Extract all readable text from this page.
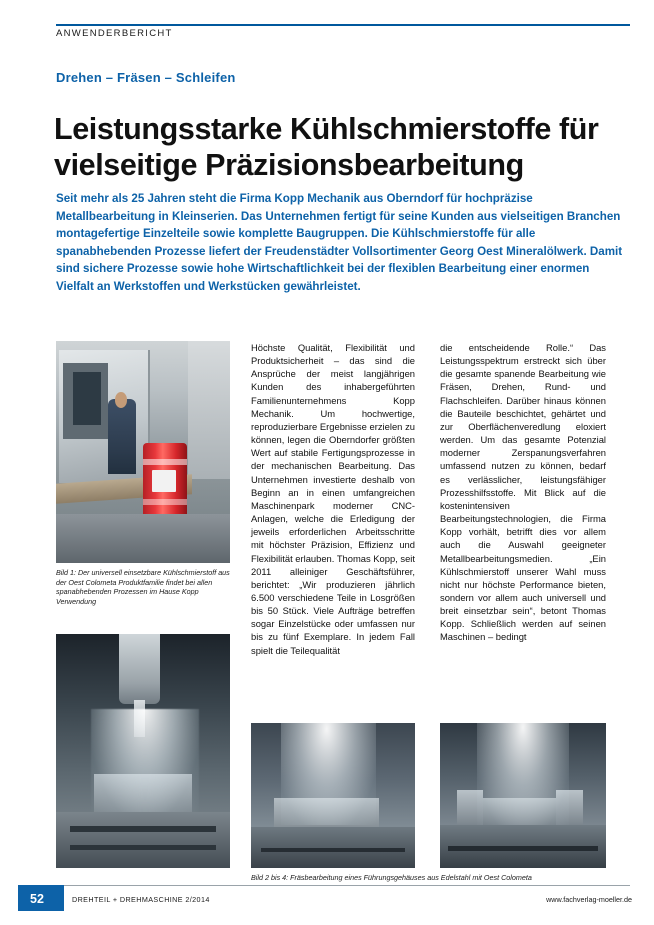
ANWENDERBERICHT
Drehen – Fräsen – Schleifen
Leistungsstarke Kühlschmierstoffe für vielseitige Präzisionsbearbeitung
Seit mehr als 25 Jahren steht die Firma Kopp Mechanik aus Oberndorf für hochpräzise Metallbearbeitung in Kleinserien. Das Unternehmen fertigt für seine Kunden aus vielseitigen Branchen montagefertige Einzelteile sowie komplette Baugruppen. Die Kühlschmierstoffe für alle spanabhebenden Prozesse liefert der Freudenstädter Vollsortimenter Georg Oest Mineralölwerk. Damit sind sichere Prozesse sowie hohe Wirtschaftlichkeit bei der flexiblen Bearbeitung einer enormen Vielfalt an Werkstoffen und Werkstücken gewährleistet.
Bild 1: Der universell einsetzbare Kühlschmierstoff aus der Oest Colometa Produktfamilie findet bei allen spanabhebenden Prozessen im Hause Kopp Verwendung
Höchste Qualität, Flexibilität und Produktsicherheit – das sind die Ansprüche der meist langjährigen Kunden des inhabergeführten Familienunternehmens Kopp Mechanik. Um hochwertige, reproduzierbare Ergebnisse erzielen zu können, legen die Oberndorfer größten Wert auf stabile Fertigungsprozesse in der mechanischen Bearbeitung. Das Unternehmen investierte deshalb von Beginn an in einen umfangreichen Maschinenpark moderner CNC-Anlagen, welche die Erledigung der jeweils erforderlichen Arbeitsschritte mit höchster Präzision, Effizienz und Flexibilität erlauben. Thomas Kopp, seit 2011 alleiniger Geschäftsführer, berichtet: „Wir produzieren jährlich 6.500 verschiedene Teile in Losgrößen bis 50 Stück. Viele Aufträge betreffen sogar Einzelstücke oder umfassen nur bis zu fünf Exemplare. In jedem Fall spielt die Teilequalität
die entscheidende Rolle.“ Das Leistungsspektrum erstreckt sich über die gesamte spanende Bearbeitung wie Fräsen, Drehen, Rund- und Flachschleifen. Darüber hinaus können die Bauteile beschichtet, gehärtet und zur Oberflächenveredlung eloxiert werden. Um das gesamte Potenzial moderner Zerspanungsverfahren umfassend nutzen zu können, bedarf es verlässlicher, leistungsfähiger Prozesshilfsstoffe. Mit Blick auf die kostenintensiven Bearbeitungstechnologien, die Firma Kopp vorhält, betrifft dies vor allem auch die Auswahl geeigneter Metallbearbeitungsmedien. „Ein Kühlschmierstoff unserer Wahl muss nicht nur höchste Performance bieten, sondern vor allem auch universell und breit einsetzbar sein“, betont Thomas Kopp. Schließlich werden auf seinen Maschinen – bedingt
Bild 2 bis 4: Fräsbearbeitung eines Führungsgehäuses aus Edelstahl mit Oest Colometa
52	DREHTEIL + DREHMASCHINE 2/2014	www.fachverlag-moeller.de
